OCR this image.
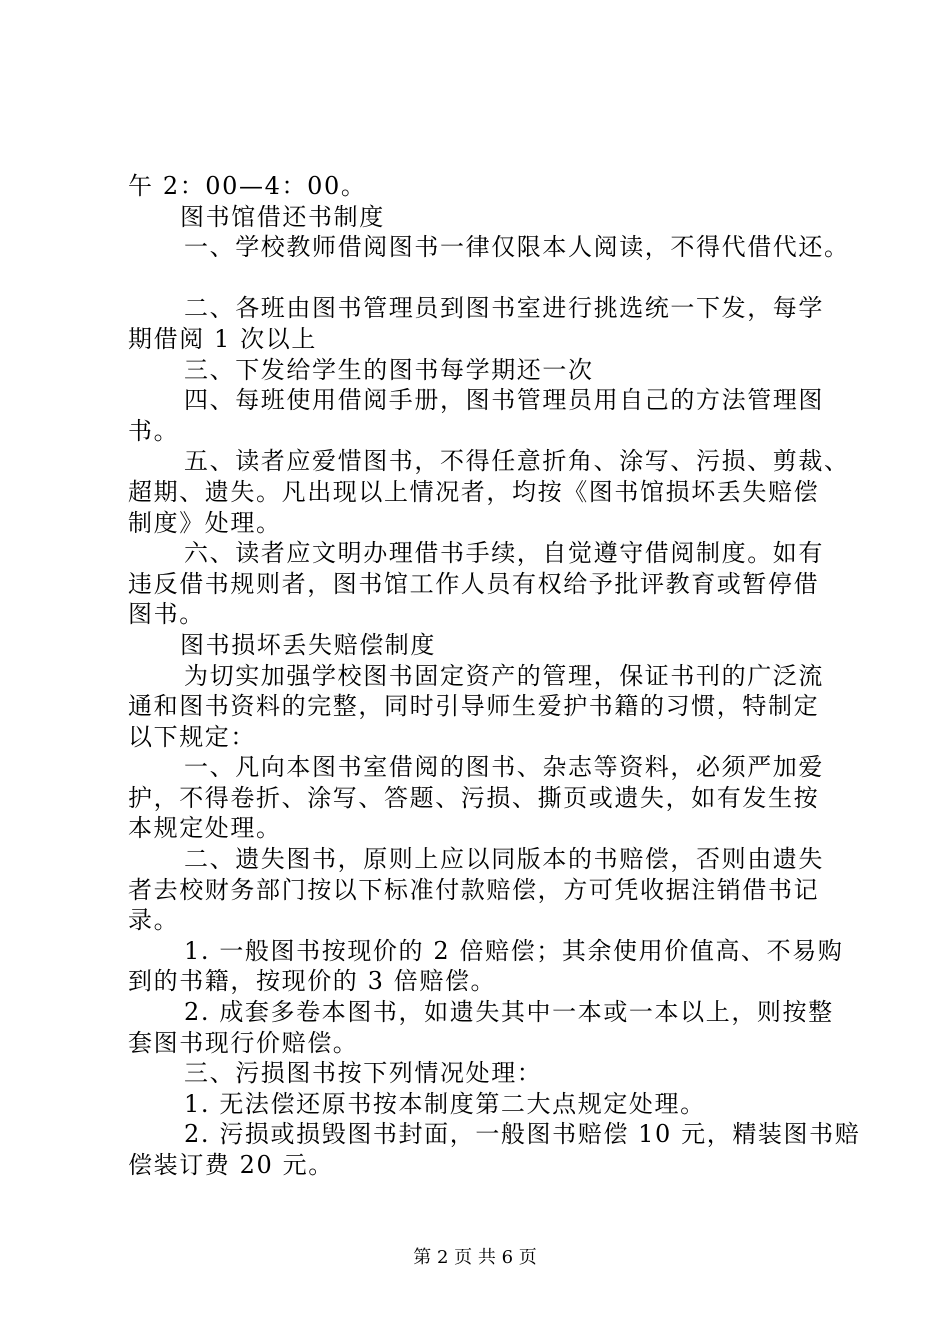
午 2：00—4：00。
图书馆借还书制度
一、学校教师借阅图书一律仅限本人阅读，不得代借代还。
二、各班由图书管理员到图书室进行挑选统一下发，每学
期借阅 1 次以上
三、下发给学生的图书每学期还一次
四、每班使用借阅手册，图书管理员用自己的方法管理图
书。
五、读者应爱惜图书，不得任意折角、涂写、污损、剪裁、
超期、遗失。凡出现以上情况者，均按《图书馆损坏丢失赔偿
制度》处理。
六、读者应文明办理借书手续，自觉遵守借阅制度。如有
违反借书规则者，图书馆工作人员有权给予批评教育或暂停借
图书。
图书损坏丢失赔偿制度
为切实加强学校图书固定资产的管理，保证书刊的广泛流
通和图书资料的完整，同时引导师生爱护书籍的习惯，特制定
以下规定：
一、凡向本图书室借阅的图书、杂志等资料，必须严加爱
护，不得卷折、涂写、答题、污损、撕页或遗失，如有发生按
本规定处理。
二、遗失图书，原则上应以同版本的书赔偿，否则由遗失
者去校财务部门按以下标准付款赔偿，方可凭收据注销借书记
录。
1. 一般图书按现价的 2 倍赔偿；其余使用价值高、不易购
到的书籍，按现价的 3 倍赔偿。
2. 成套多卷本图书，如遗失其中一本或一本以上，则按整
套图书现行价赔偿。
三、污损图书按下列情况处理：
1. 无法偿还原书按本制度第二大点规定处理。
2. 污损或损毁图书封面，一般图书赔偿 10 元，精装图书赔
偿装订费 20 元。
第 2 页 共 6 页
